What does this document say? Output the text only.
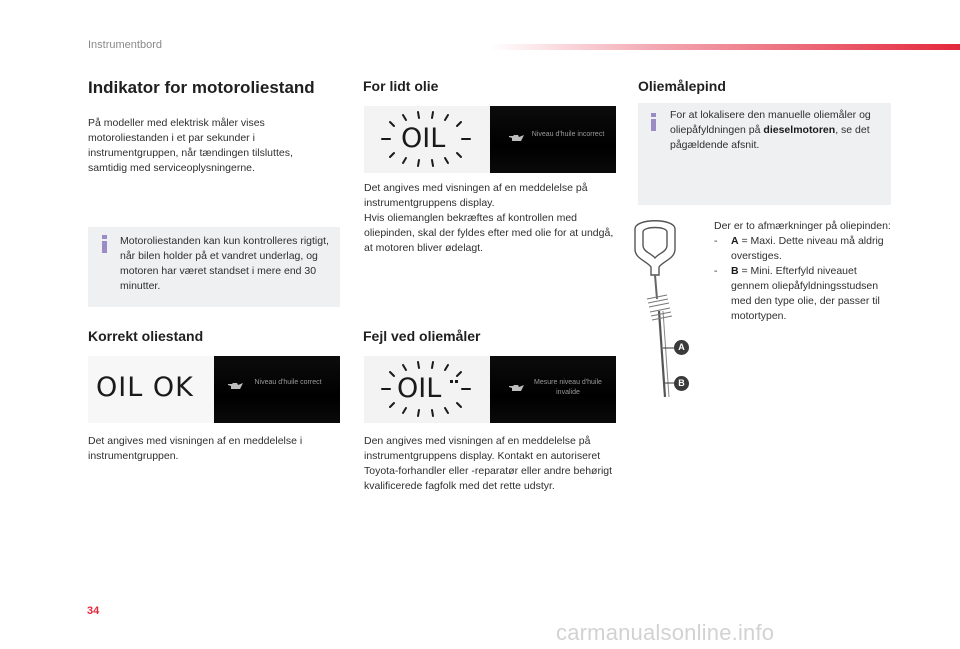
Instrumentbord
Indikator for motoroliestand
På modeller med elektrisk måler vises motoroliestanden i et par sekunder i instrumentgruppen, når tændingen tilsluttes, samtidig med serviceoplysningerne.
Motoroliestanden kan kun kontrolleres rigtigt, når bilen holder på et vandret underlag, og motoren har været standset i mere end 30 minutter.
Korrekt oliestand
OIL OK	Niveau d'huile correct
Det angives med visningen af en meddelelse i instrumentgruppen.
For lidt olie
OIL	Niveau d'huile incorrect
Det angives med visningen af en meddelelse på instrumentgruppens display.
Hvis oliemanglen bekræftes af kontrollen med oliepinden, skal der fyldes efter med olie for at undgå, at motoren bliver ødelagt.
Fejl ved oliemåler
OIL	Mesure niveau d'huile invalide
Den angives med visningen af en meddelelse på instrumentgruppens display. Kontakt en autoriseret Toyota-forhandler eller -reparatør eller andre behørigt kvalificerede fagfolk med det rette udstyr.
Oliemålepind
For at lokalisere den manuelle oliemåler og oliepåfyldningen på dieselmotoren, se det pågældende afsnit.
A
B
Der er to afmærkninger på oliepinden:
- A = Maxi. Dette niveau må aldrig overstiges.
- B = Mini. Efterfyld niveauet gennem oliepåfyldningsstudsen med den type olie, der passer til motortypen.
34
carmanualsonline.info
